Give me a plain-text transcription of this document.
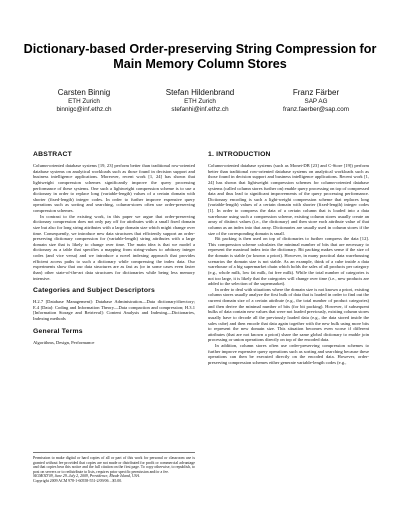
Dictionary-based Order-preserving String Compression for Main Memory Column Stores
Carsten Binnig
ETH Zurich
binnigc@inf.ethz.ch
Stefan Hildenbrand
ETH Zurich
stefanhi@inf.ethz.ch
Franz Färber
SAP AG
franz.faerber@sap.com
ABSTRACT

Column-oriented database systems [19, 23] perform better than traditional row-oriented database systems on analytical workloads such as those found in decision support and business intelligence applications. Moreover, recent work [1, 24] has shown that lightweight compression schemes significantly improve the query processing performance of these systems. One such a lightweight compression scheme is to use a dictionary in order to replace long (variable-length) values of a certain domain with shorter (fixed-length) integer codes. In order to further improve expensive query operations such as sorting and searching, column-stores often use order-preserving compression schemes.

In contrast to the existing work, in this paper we argue that order-preserving dictionary compression does not only pay off for attributes with a small fixed domain size but also for long string attributes with a large domain size which might change over time. Consequently, we introduce new data structures that efficiently support an order-preserving dictionary compression for (variable-length) string attributes with a large domain size that is likely to change over time. The main idea is that we model a dictionary as a table that specifies a mapping from string-values to arbitrary integer codes (and vice versa) and we introduce a novel indexing approach that provides efficient access paths to such a dictionary while compressing the index data. Our experiments show that our data structures are as fast as (or in some cases even faster than) other state-of-the-art data structures for dictionaries while being less memory intensive.

Categories and Subject Descriptors

H.2.7 [Database Management]: Database Administration—Data dictionary/directory; E.4 [Data]: Coding and Information Theory—Data compaction and compression; H.3.1 [Information Storage and Retrieval]: Content Analysis and Indexing—Dictionaries, Indexing methods

General Terms

Algorithms, Design, Performance

Permission to make digital or hard copies of all or part of this work for personal or classroom use is granted without fee provided that copies are not made or distributed for profit or commercial advantage and that copies bear this notice and the full citation on the first page. To copy otherwise, to republish, to post on servers or to redistribute to lists, requires prior specific permission and/or a fee.
SIGMOD'09, June 29–July 2, 2009, Providence, Rhode Island, USA.
Copyright 2009 ACM 978-1-60558-551-2/09/06 ...$5.00.
1. INTRODUCTION

Column-oriented database systems (such as Monet-DB [23] and C-Store [19]) perform better than traditional row-oriented database systems on analytical workloads such as those found in decision support and business intelligence applications. Recent work [1, 24] has shown that lightweight compression schemes for column-oriented database systems (called column stores further on) enable query processing on top of compressed data and thus lead to significant improvements of the query processing performance. Dictionary encoding is such a light-weight compression scheme that replaces long (variable-length) values of a certain domain with shorter (fixed-length) integer codes [1]. In order to compress the data of a certain column that is loaded into a data warehouse using such a compression scheme, existing column stores usually create an array of distinct values (i.e., the dictionary) and then store each attribute value of that column as an index into that array. Dictionaries are usually used in column stores if the size of the corresponding domain is small.

Bit packing is then used on top of dictionaries to further compress the data [12]. This compression scheme calculates the minimal number of bits that are necessary to represent the maximal index into the dictionary. Bit packing makes sense if the size of the domain is stable (or known a priori). However, in many practical data warehousing scenarios the domain size is not stable. As an example, think of a cube inside a data warehouse of a big supermarket chain which holds the sales of all products per category (e.g., whole milk, low fat milk, fat free milk). While the total number of categories is not too large, it is likely that the categories will change over time (i.e., new products are added to the selection of the supermarket).

In order to deal with situations where the domain size is not known a priori, existing column stores usually analyze the first bulk of data that is loaded in order to find out the current domain size of a certain attribute (e.g., the total number of product categories) and then derive the minimal number of bits (for bit packing). However, if subsequent bulks of data contain new values that were not loaded previously, existing column stores usually have to decode all the previously loaded data (e.g., the data stored inside the sales cube) and then encode that data again together with the new bulk using more bits to represent the new domain size. This situation becomes even worse if different attributes (that are not known a priori) share the same global dictionary to enable join processing or union operations directly on top of the encoded data.

In addition, column stores often use order-preserving compression schemes to further improve expensive query operations such as sorting and searching because these operations can then be executed directly on the encoded data. However, order-preserving compression schemes either generate variable-length codes (e.g.,
